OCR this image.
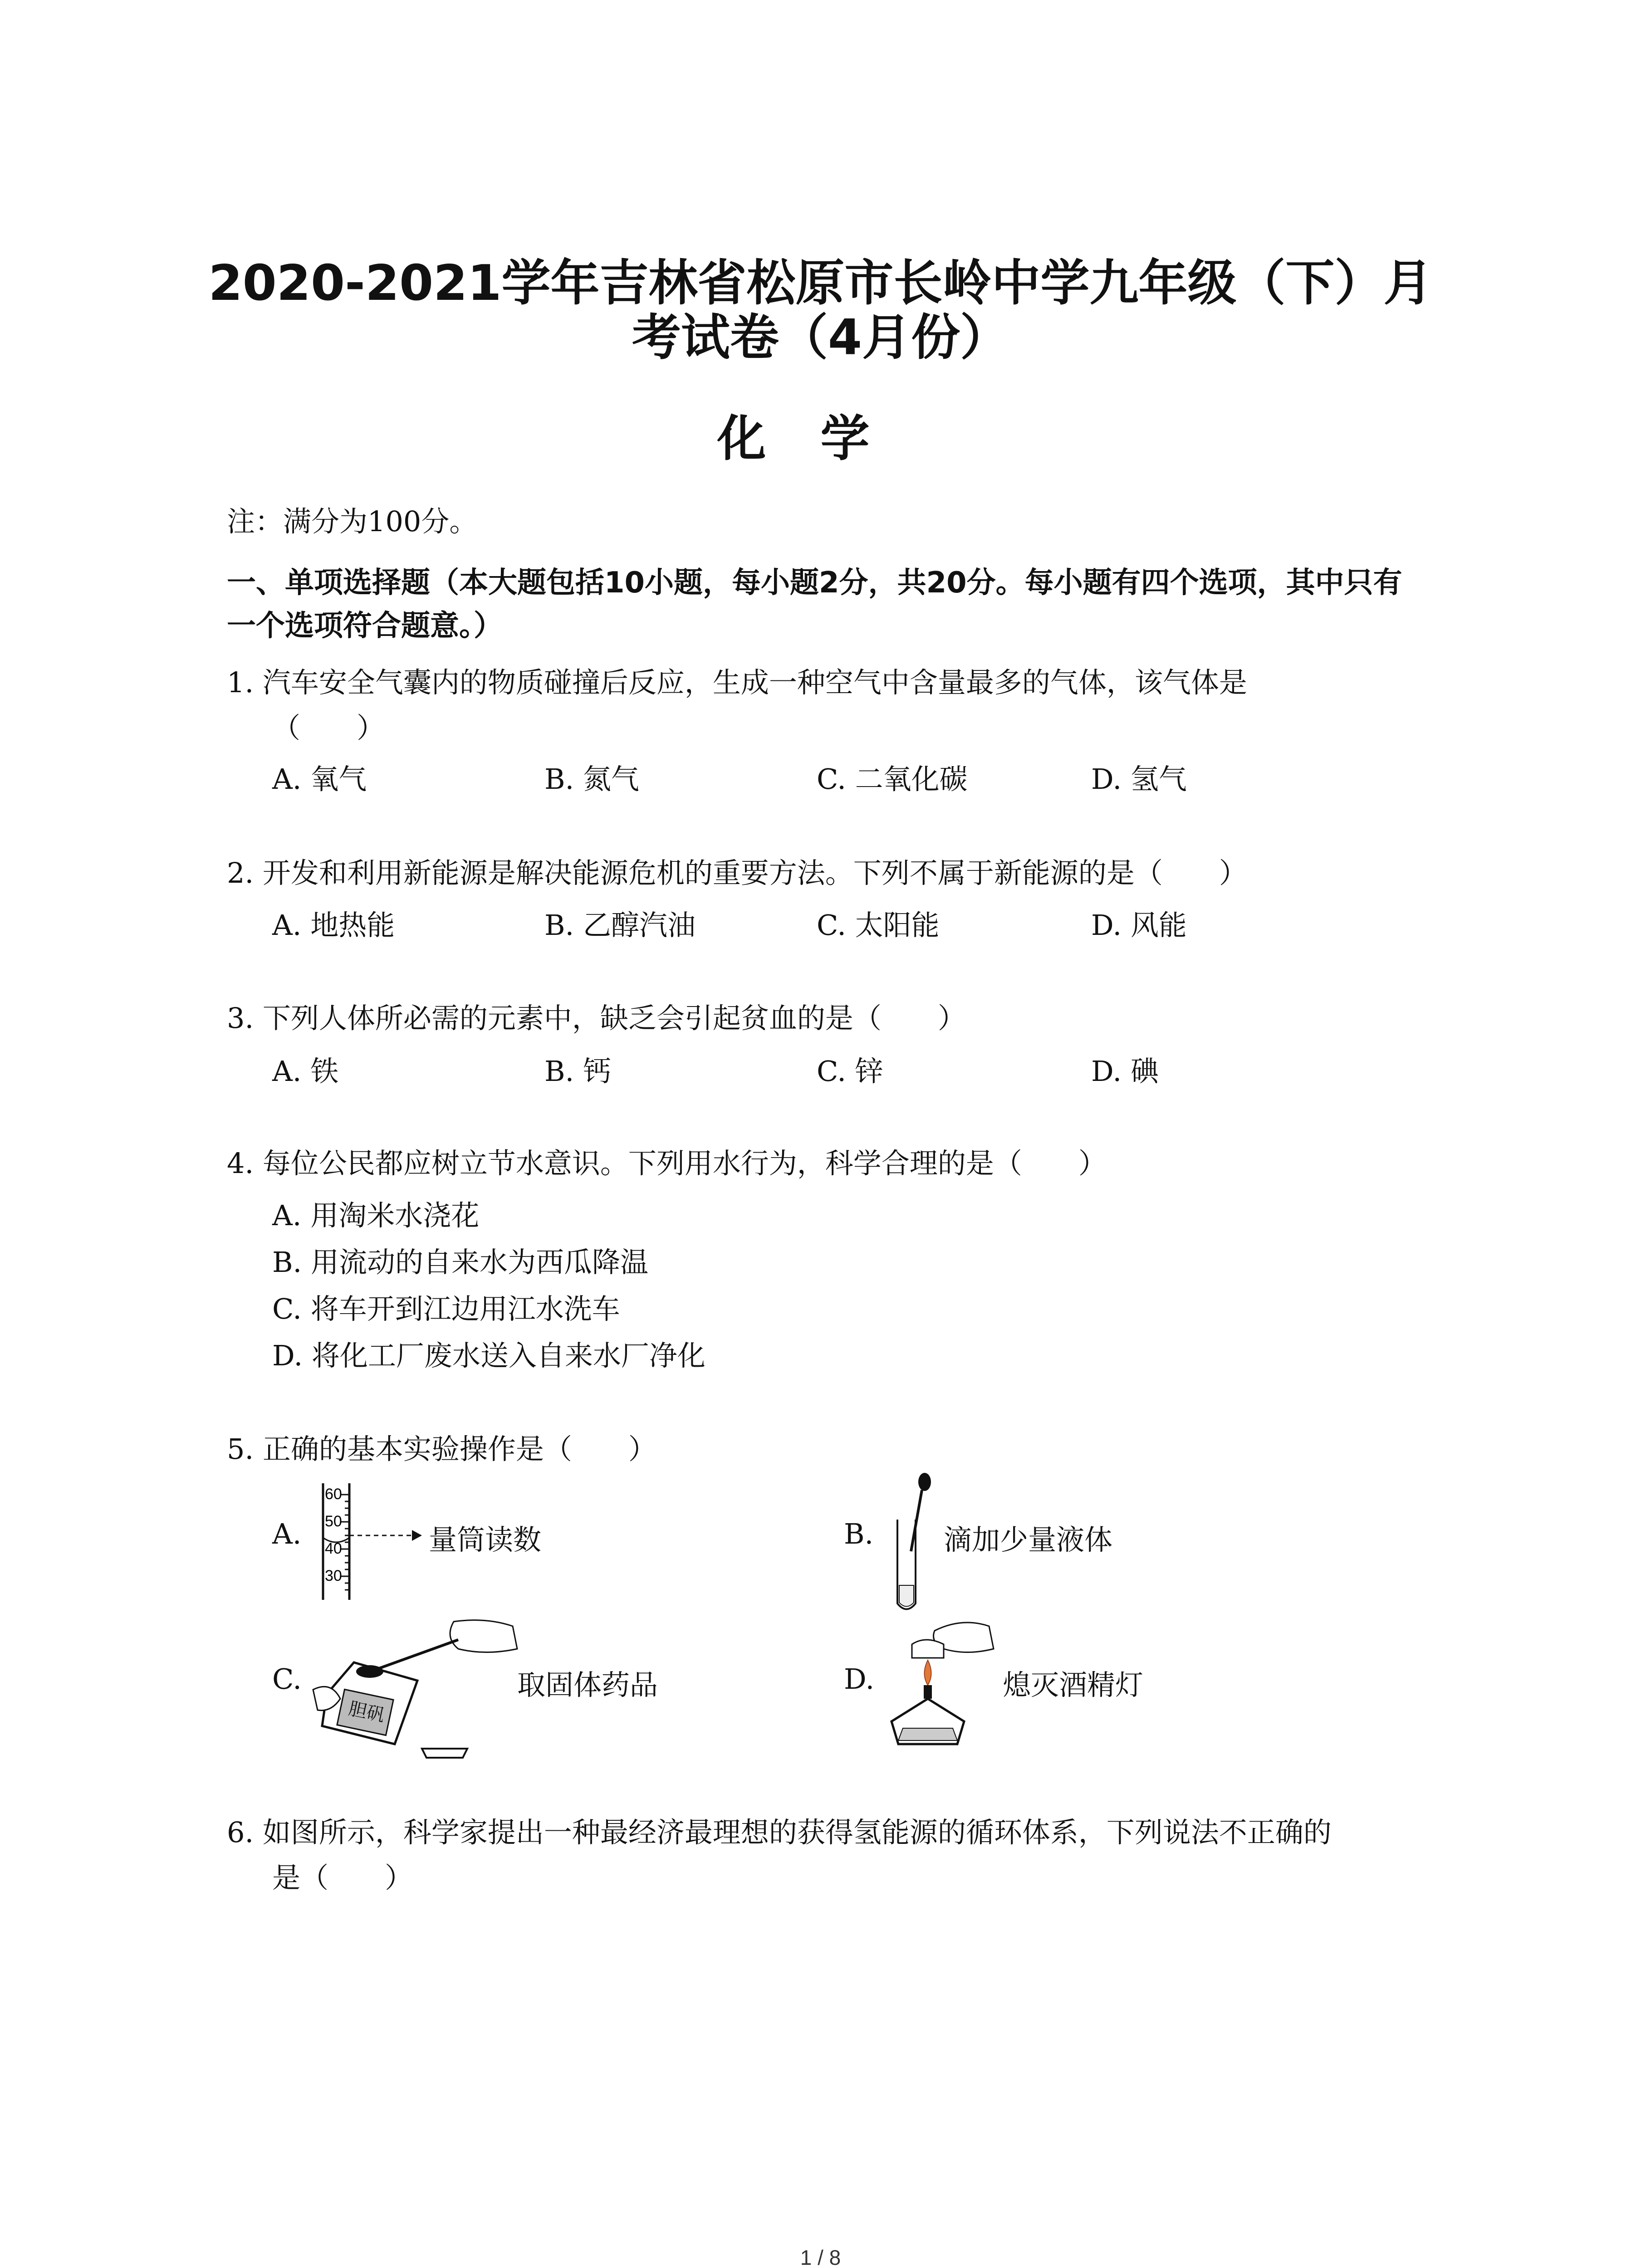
2020-2021学年吉林省松原市长岭中学九年级（下）月
考试卷（4月份）
化学
注：满分为100分。
一、单项选择题（本大题包括10小题，每小题2分，共20分。每小题有四个选项，其中只有
一个选项符合题意。）
1. 汽车安全气囊内的物质碰撞后反应，生成一种空气中含量最多的气体，该气体是
（　　）
A. 氧气	B. 氮气	C. 二氧化碳	D. 氢气
2. 开发和利用新能源是解决能源危机的重要方法。下列不属于新能源的是（　　）
A. 地热能	B. 乙醇汽油	C. 太阳能	D. 风能
3. 下列人体所必需的元素中，缺乏会引起贫血的是（　　）
A. 铁	B. 钙	C. 锌	D. 碘
4. 每位公民都应树立节水意识。下列用水行为，科学合理的是（　　）
A. 用淘米水浇花
B. 用流动的自来水为西瓜降温
C. 将车开到江边用江水洗车
D. 将化工厂废水送入自来水厂净化
5. 正确的基本实验操作是（　　）
A.
60
50
40
30
量筒读数	B. 滴加少量液体
C.
胆矾
取固体药品	D.	熄灭酒精灯
6. 如图所示，科学家提出一种最经济最理想的获得氢能源的循环体系，下列说法不正确的
是（　　）
1 / 8
